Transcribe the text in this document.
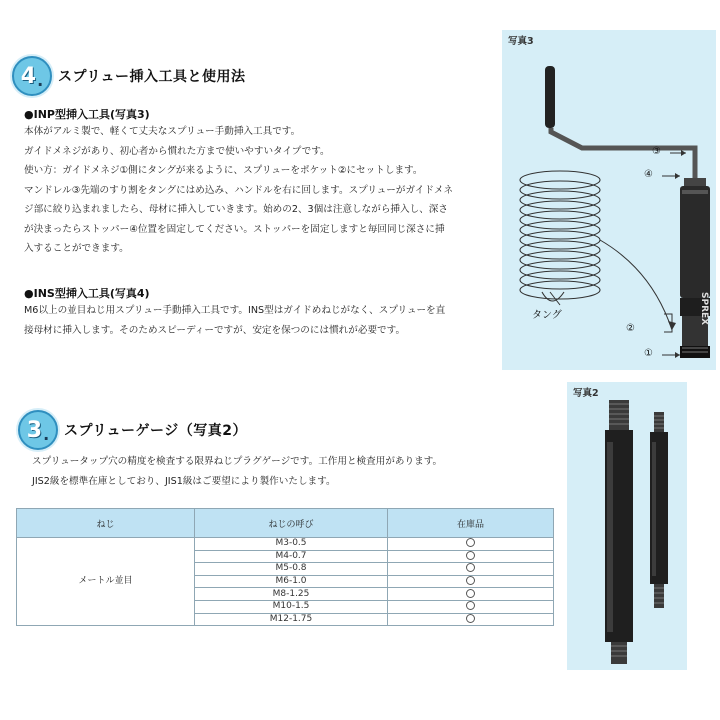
4 . スプリュー挿入工具と使用法
●INP型挿入工具(写真3)
本体がアルミ製で、軽くて丈夫なスプリュー手動挿入工具です。
ガイドメネジがあり、初心者から慣れた方まで使いやすいタイプです。
使い方：ガイドメネジ①側にタングが来るように、スプリューをポケット②にセットします。
マンドレル③先端のすり割をタングにはめ込み、ハンドルを右に回します。スプリューがガイドメネ
ジ部に絞り込まれましたら、母材に挿入していきます。始めの2、3個は注意しながら挿入し、深さ
が決まったらストッパー④位置を固定してください。ストッパーを固定しますと毎回同じ深さに挿
入することができます。
●INS型挿入工具(写真4)
M6以上の並目ねじ用スプリュー手動挿入工具です。INS型はガイドめねじがなく、スプリューを直
接母材に挿入します。そのためスピーディーですが、安定を保つのには慣れが必要です。
写真3
SPREX
③
④
②
①
タング
3 . スプリューゲージ（写真2）
スプリュータップ穴の精度を検査する限界ねじプラグゲージです。工作用と検査用があります。
JIS2級を標準在庫としており、JIS1級はご要望により製作いたします。
写真2
ねじ	ねじの呼び	在庫品
メートル並目	M3-0.5	
	M4-0.7	
	M5-0.8	
	M6-1.0	
	M8-1.25	
	M10-1.5	
	M12-1.75	
